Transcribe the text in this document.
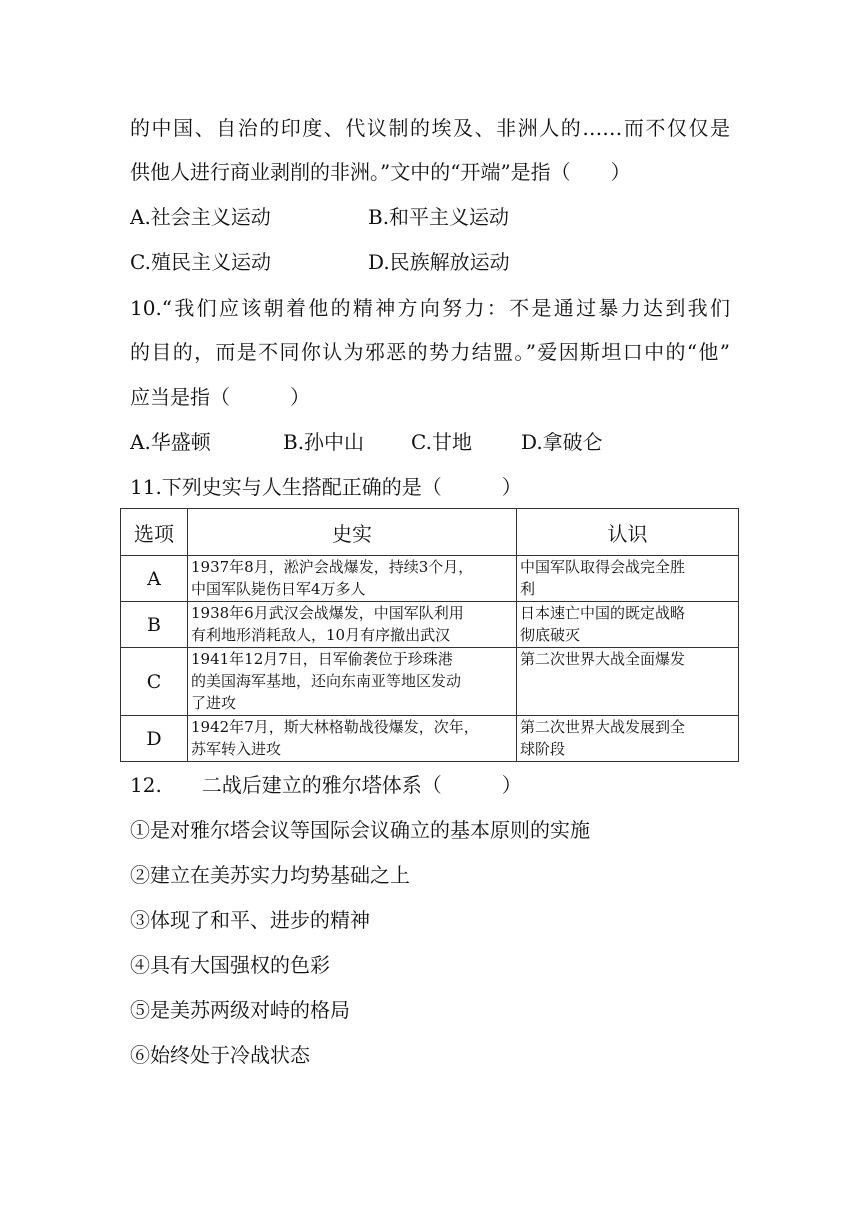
的中国、自治的印度、代议制的埃及、非洲人的……而不仅仅是
供他人进行商业剥削的非洲。”文中的“开端”是指（　　）
A.社会主义运动	B.和平主义运动
C.殖民主义运动	D.民族解放运动
10.“我们应该朝着他的精神方向努力：不是通过暴力达到我们
的目的，而是不同你认为邪恶的势力结盟。”爱因斯坦口中的“他”
应当是指（　　　）
A.华盛顿	B.孙中山 C.甘地 D.拿破仑
11.下列史实与人生搭配正确的是（　　　）
选项	史实	认识
A	1937年8月，淞沪会战爆发，持续3个月，
中国军队毙伤日军4万多人	中国军队取得会战完全胜
利

B	1938年6月武汉会战爆发，中国军队利用
有利地形消耗敌人，10月有序撤出武汉	日本速亡中国的既定战略
彻底破灭

C	1941年12月7日，日军偷袭位于珍珠港
的美国海军基地，还向东南亚等地区发动
了进攻	第二次世界大战全面爆发

D	1942年7月，斯大林格勒战役爆发，次年，
苏军转入进攻	第二次世界大战发展到全
球阶段
12.　　二战后建立的雅尔塔体系（　　　）
①是对雅尔塔会议等国际会议确立的基本原则的实施
②建立在美苏实力均势基础之上
③体现了和平、进步的精神
④具有大国强权的色彩
⑤是美苏两级对峙的格局
⑥始终处于冷战状态
